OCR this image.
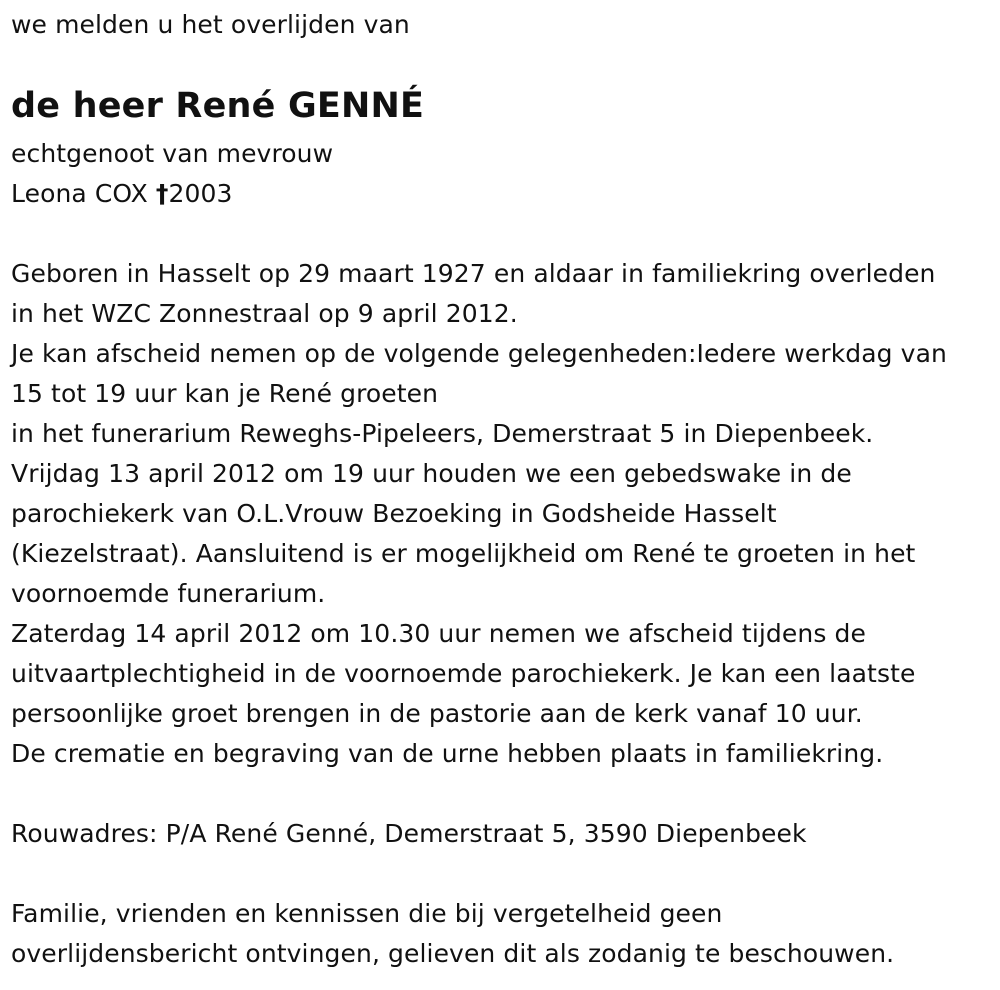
we melden u het overlijden van
de heer René GENNÉ
echtgenoot van mevrouw
Leona COX †2003
Geboren in Hasselt op 29 maart 1927 en aldaar in familiekring overleden
in het WZC Zonnestraal op 9 april 2012.
Je kan afscheid nemen op de volgende gelegenheden:Iedere werkdag van
15 tot 19 uur kan je René groeten
in het funerarium Reweghs-Pipeleers, Demerstraat 5 in Diepenbeek.
Vrijdag 13 april 2012 om 19 uur houden we een gebedswake in de
parochiekerk van O.L.Vrouw Bezoeking in Godsheide Hasselt
(Kiezelstraat). Aansluitend is er mogelijkheid om René te groeten in het
voornoemde funerarium.
Zaterdag 14 april 2012 om 10.30 uur nemen we afscheid tijdens de
uitvaartplechtigheid in de voornoemde parochiekerk. Je kan een laatste
persoonlijke groet brengen in de pastorie aan de kerk vanaf 10 uur.
De crematie en begraving van de urne hebben plaats in familiekring.
Rouwadres: P/A René Genné, Demerstraat 5, 3590 Diepenbeek
Familie, vrienden en kennissen die bij vergetelheid geen
overlijdensbericht ontvingen, gelieven dit als zodanig te beschouwen.
